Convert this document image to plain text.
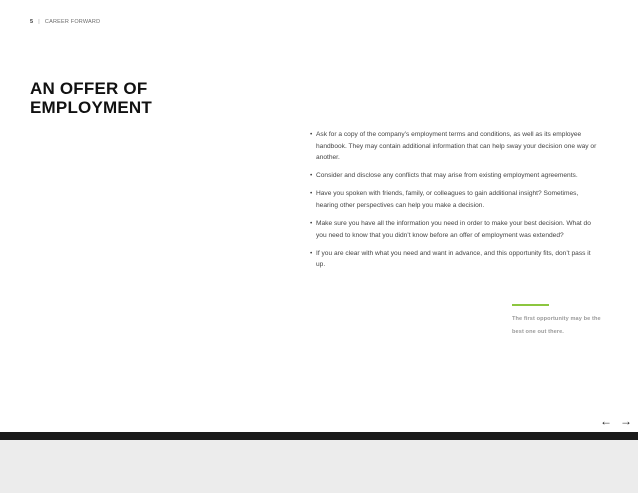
5 | CAREER FORWARD
AN OFFER OF
EMPLOYMENT
• Ask for a copy of the company’s employment terms and conditions, as well as its employee handbook. They may contain additional information that can help sway your decision one way or another.
• Consider and disclose any conflicts that may arise from existing employment agreements.
• Have you spoken with friends, family, or colleagues to gain additional insight? Sometimes, hearing other perspectives can help you make a decision.
• Make sure you have all the information you need in order to make your best decision. What do you need to know that you didn’t know before an offer of employment was extended?
• If you are clear with what you need and want in advance, and this opportunity fits, don’t pass it up.
The first opportunity may be the best one out there.
← →
